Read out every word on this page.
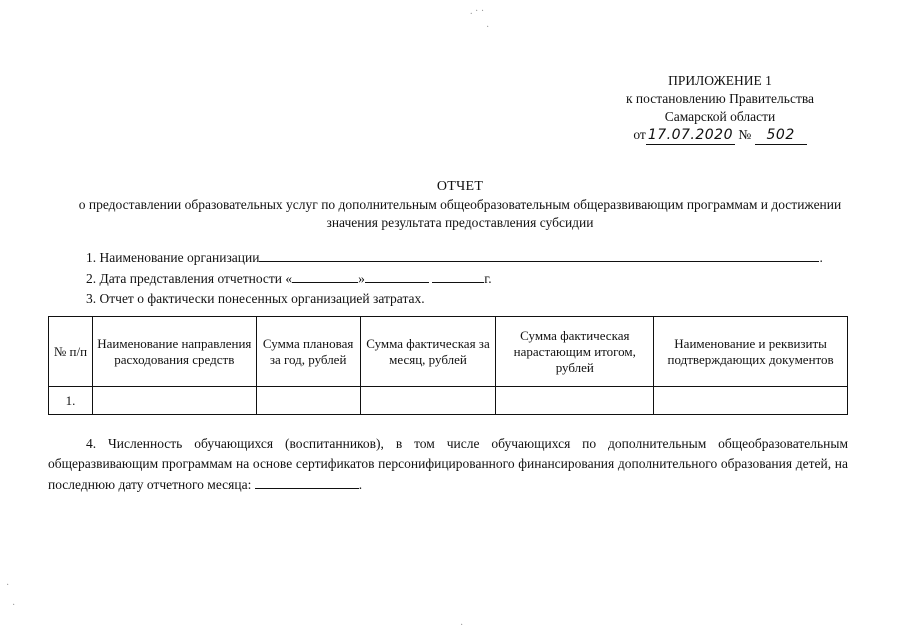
. · ·
·
·
·
·
ПРИЛОЖЕНИЕ 1
к постановлению Правительства
Самарской области
от 17.07.2020 № 502
ОТЧЕТ
о предоставлении образовательных услуг по дополнительным общеобразовательным общеразвивающим программам и достижении значения результата предоставления субсидии
1. Наименование организации	.
2. Дата представления отчетности «	»	г.
3. Отчет о фактически понесенных организацией затратах.
№ п/п	Наименование направления расходования средств	Сумма плановая за год, рублей	Сумма фактическая за месяц, рублей	Сумма фактическая нарастающим итогом, рублей	Наименование и реквизиты подтверждающих документов
1.					
4. Численность обучающихся (воспитанников), в том числе обучающихся по дополнительным общеобразовательным общеразвивающим программам на основе сертификатов персонифицированного финансирования дополнительного образования детей, на последнюю дату отчетного месяца:	.
